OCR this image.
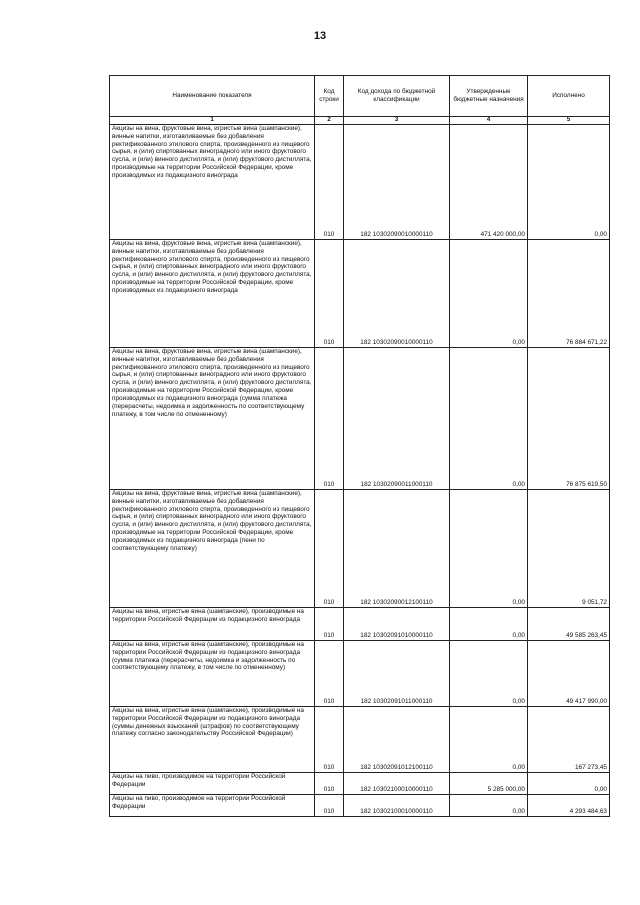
13
Наименование показателя	Код строки	Код дохода по бюджетной классификации	Утвержденные бюджетные назначения	Исполнено
1	2	3	4	5
Акцизы на вина, фруктовые вина, игристые вина (шампанские), винные напитки, изготавливаемые без добавления ректификованного этилового спирта, произведенного из пищевого сырья, и (или) спиртованных виноградного или иного фруктового сусла, и (или) винного дистиллята, и (или) фруктового дистиллята, производимые на территории Российской Федерации, кроме производимых из подакцизного винограда	010	182 10302090010000110	471 420 000,00	0,00
Акцизы на вина, фруктовые вина, игристые вина (шампанские), винные напитки, изготавливаемые без добавления ректификованного этилового спирта, произведенного из пищевого сырья, и (или) спиртованных виноградного или иного фруктового сусла, и (или) винного дистиллята, и (или) фруктового дистиллята, производимые на территории Российской Федерации, кроме производимых из подакцизного винограда	010	182 10302090010000110	0,00	76 884 671,22
Акцизы на вина, фруктовые вина, игристые вина (шампанские), винные напитки, изготавливаемые без добавления ректификованного этилового спирта, произведенного из пищевого сырья, и (или) спиртованных виноградного или иного фруктового сусла, и (или) винного дистиллята, и (или) фруктового дистиллята, производимые на территории Российской Федерации, кроме производимых из подакцизного винограда (сумма платежа (перерасчеты, недоимка и задолженность по соответствующему платежу, в том числе по отмененному)	010	182 10302090011000110	0,00	76 875 619,50
Акцизы на вина, фруктовые вина, игристые вина (шампанские), винные напитки, изготавливаемые без добавления ректификованного этилового спирта, произведенного из пищевого сырья, и (или) спиртованных виноградного или иного фруктового сусла, и (или) винного дистиллята, и (или) фруктового дистиллята, производимые на территории Российской Федерации, кроме производимых из подакцизного винограда (пени по соответствующему платежу)	010	182 10302090012100110	0,00	9 051,72
Акцизы на вина, игристые вина (шампанские), производимые на территории Российской Федерации из подакцизного винограда	010	182 10302091010000110	0,00	49 585 263,45
Акцизы на вина, игристые вина (шампанские), производимые на территории Российской Федерации из подакцизного винограда (сумма платежа (перерасчеты, недоимка и задолженность по соответствующему платежу, в том числе по отмененному)	010	182 10302091011000110	0,00	49 417 990,00
Акцизы на вина, игристые вина (шампанские), производимые на территории Российской Федерации из подакцизного винограда (суммы денежных взысканий (штрафов) по соответствующему платежу согласно законодательству Российской Федерации)	010	182 10302091012100110	0,00	167 273,45
Акцизы на пиво, производимое на территории Российской Федерации	010	182 10302100010000110	5 285 000,00	0,00
Акцизы на пиво, производимое на территории Российской Федерации	010	182 10302100010000110	0,00	4 293 484,63
